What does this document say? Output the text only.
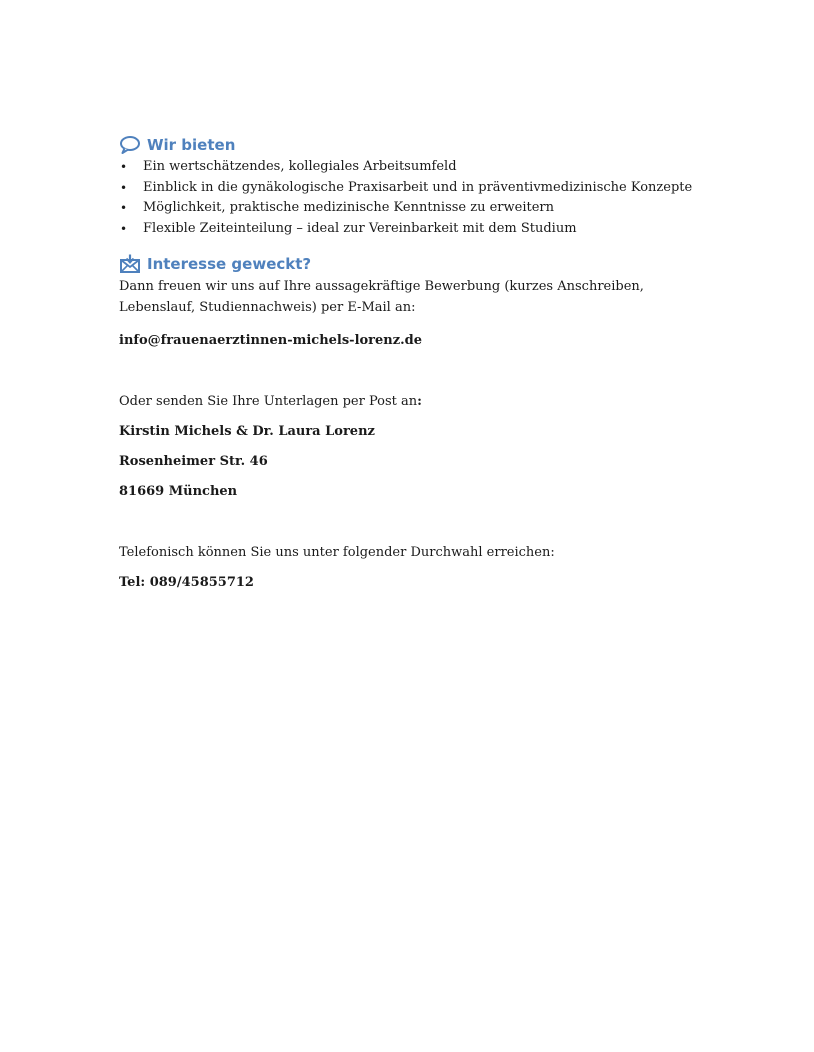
Wir bieten
• Ein wertschätzendes, kollegiales Arbeitsumfeld
• Einblick in die gynäkologische Praxisarbeit und in präventivmedizinische Konzepte
• Möglichkeit, praktische medizinische Kenntnisse zu erweitern
• Flexible Zeiteinteilung – ideal zur Vereinbarkeit mit dem Studium
Interesse geweckt?

Dann freuen wir uns auf Ihre aussagekräftige Bewerbung (kurzes Anschreiben, Lebenslauf, Studiennachweis) per E-Mail an:

info@frauenaerztinnen-michels-lorenz.de

Oder senden Sie Ihre Unterlagen per Post an:

Kirstin Michels & Dr. Laura Lorenz

Rosenheimer Str. 46

81669 München

Telefonisch können Sie uns unter folgender Durchwahl erreichen:

Tel: 089/45855712
